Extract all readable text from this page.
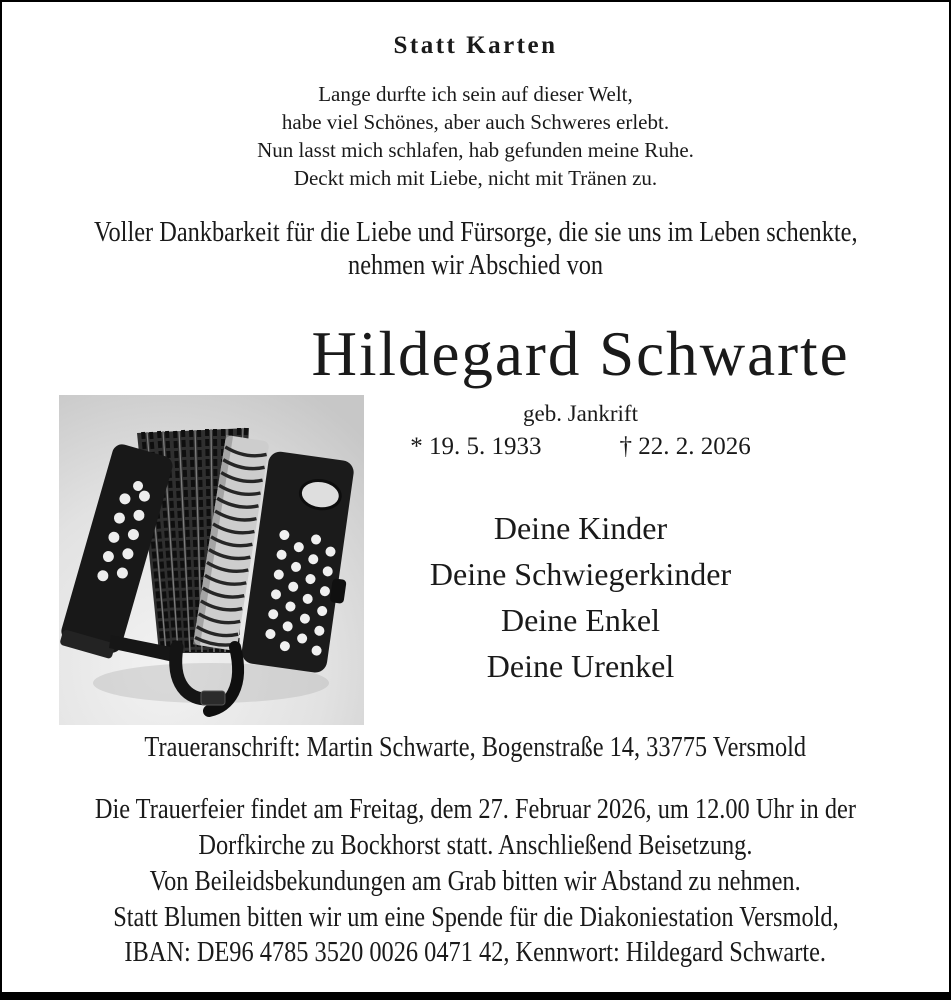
Statt Karten
Lange durfte ich sein auf dieser Welt,
habe viel Schönes, aber auch Schweres erlebt.
Nun lasst mich schlafen, hab gefunden meine Ruhe.
Deckt mich mit Liebe, nicht mit Tränen zu.
Voller Dankbarkeit für die Liebe und Fürsorge, die sie uns im Leben schenkte,
nehmen wir Abschied von
Hildegard Schwarte
geb. Jankrift
* 19. 5. 1933	† 22. 2. 2026
Deine Kinder
Deine Schwiegerkinder
Deine Enkel
Deine Urenkel
Traueranschrift: Martin Schwarte, Bogenstraße 14, 33775 Versmold
Die Trauerfeier findet am Freitag, dem 27. Februar 2026, um 12.00 Uhr in der
Dorfkirche zu Bockhorst statt. Anschließend Beisetzung.
Von Beileidsbekundungen am Grab bitten wir Abstand zu nehmen.
Statt Blumen bitten wir um eine Spende für die Diakoniestation Versmold,
IBAN: DE96 4785 3520 0026 0471 42, Kennwort: Hildegard Schwarte.
